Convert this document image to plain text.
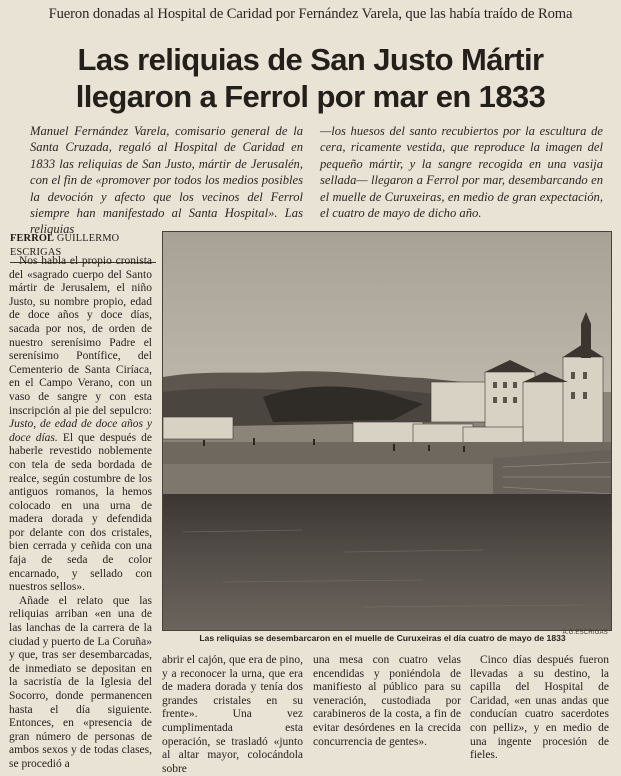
Fueron donadas al Hospital de Caridad por Fernández Varela, que las había traído de Roma
Las reliquias de San Justo Mártir
llegaron a Ferrol por mar en 1833
Manuel Fernández Varela, comisario general de la Santa Cruzada, regaló al Hospital de Caridad en 1833 las reliquias de San Justo, mártir de Jerusalén, con el fin de «promover por todos los medios posibles la devoción y afecto que los vecinos del Ferrol siempre han manifestado al Santa Hospital». Las reliquias
—los huesos del santo recubiertos por la escultura de cera, ricamente vestida, que reproduce la imagen del pequeño mártir, y la sangre recogida en una vasija sellada— llegaron a Ferrol por mar, desembarcando en el muelle de Curuxeiras, en medio de gran expectación, el cuatro de mayo de dicho año.
FERROL GUILLERMO ESCRIGAS

Nos habla el propio cronista del «sagrado cuerpo del Santo mártir de Jerusalem, el niño Justo, su nombre propio, edad de doce años y doce días, sacada por nos, de orden de nuestro serenísimo Padre el serenísimo Pontífice, del Cementerio de Santa Ciríaca, en el Campo Verano, con un vaso de sangre y con esta inscripción al pie del sepulcro: Justo, de edad de doce años y doce días. El que después de haberle revestido noblemente con tela de seda bordada de realce, según costumbre de los antiguos romanos, la hemos colocado en una urna de madera dorada y defendida por delante con dos cristales, bien cerrada y ceñida con una faja de seda de color encarnado, y sellado con nuestros sellos».

Añade el relato que las reliquias arriban «en una de las lanchas de la carrera de la ciudad y puerto de La Coruña» y que, tras ser desembarcadas, de inmediato se depositan en la sacristía de la Iglesia del Socorro, donde permanencen hasta el día siguiente. Entonces, en «presencia de gran número de personas de ambos sexos y de todas clases, se procedió a

Las reliquias se desembarcaron en el muelle de Curuxeiras el día cuatro de mayo de 1833
A.G.ESCRIGAS

abrir el cajón, que era de pino, y a reconocer la urna, que era de madera dorada y tenía dos grandes cristales en su frente». Una vez cumplimentada esta operación, se trasladó «junto al altar mayor, colocándola sobre

una mesa con cuatro velas encendidas y poniéndola de manifiesto al público para su veneración, custodiada por carabineros de la costa, a fin de evitar desórdenes en la crecida concurrencia de gentes».

Cinco días después fueron llevadas a su destino, la capilla del Hospital de Caridad, «en unas andas que conducían cuatro sacerdotes con pelliz», y en medio de una ingente procesión de fieles.
